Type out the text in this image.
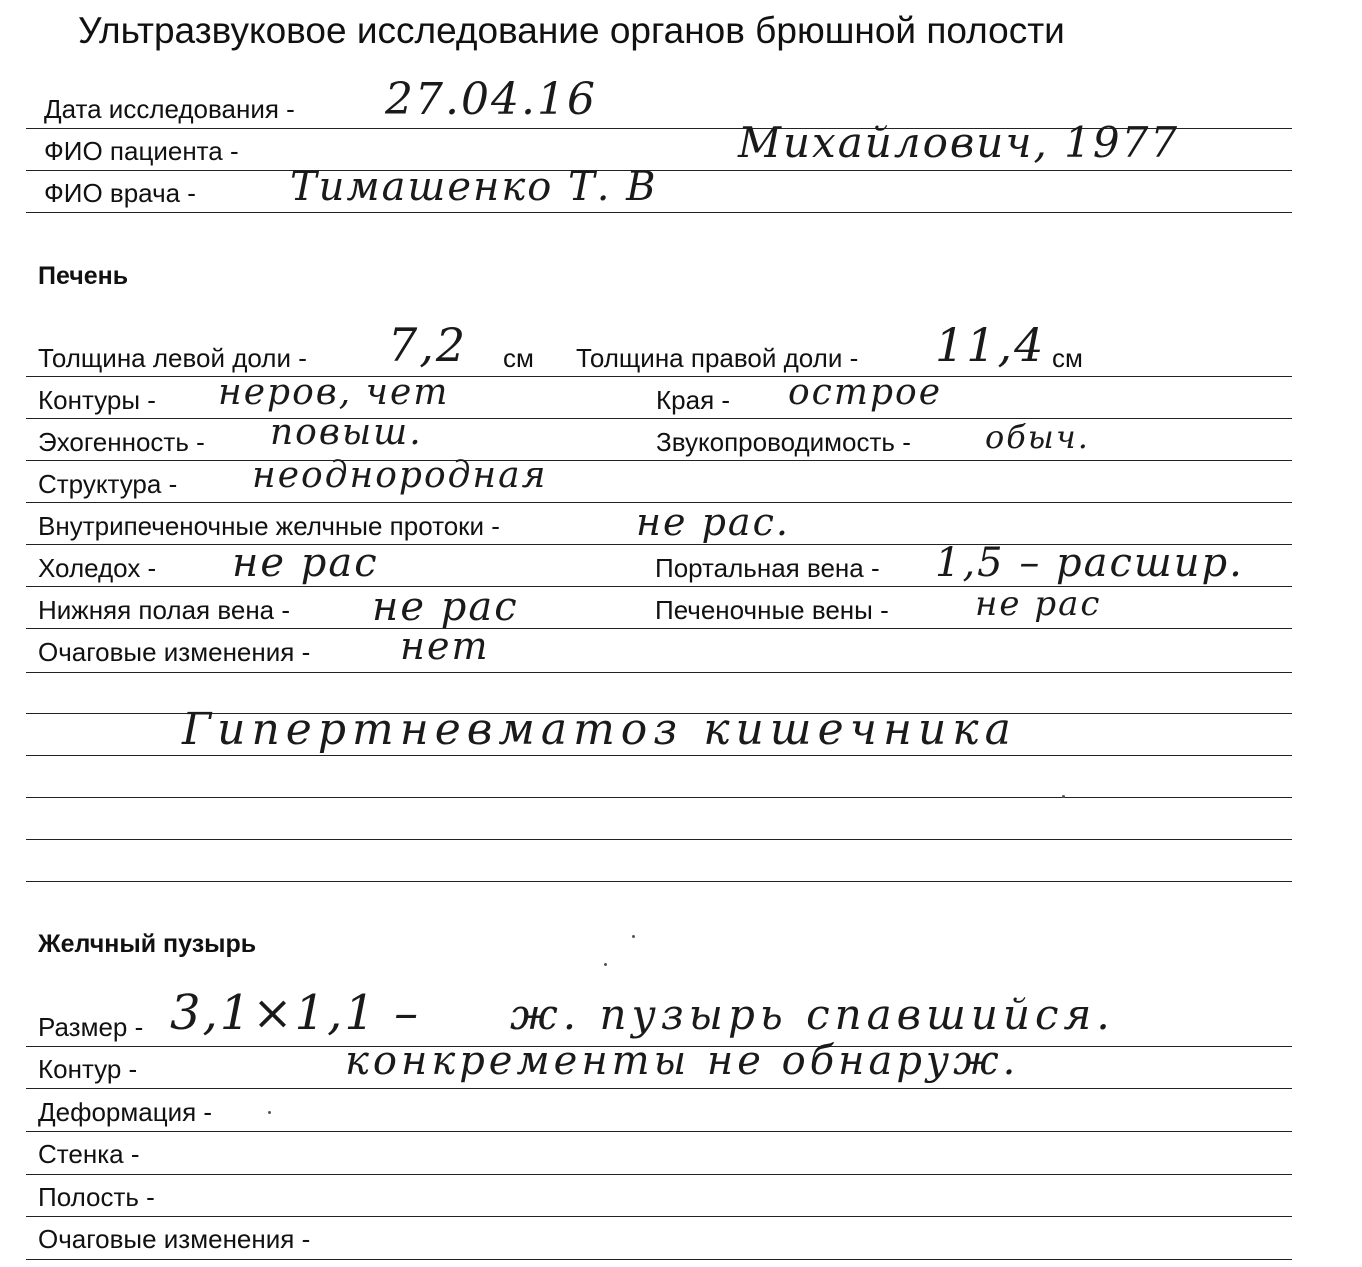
Ультразвуковое исследование органов брюшной полости
Дата исследования - 27.04.16
ФИО пациента -	Михайлович, 1977
ФИО врача - Тимашенко Т. В
Печень
Толщина левой доли - 7,2 см Толщина правой доли - 11,4 см
Контуры - неров, чет	Края - острое
Эхогенность - повыш.	Звукопроводимость - обыч.
Структура - неоднородная
Внутрипеченочные желчные протоки -	не рас.
Холедох - не рас	Портальная вена - 1,5 – расшир.
Нижняя полая вена - не рас	Печеночные вены -	не рас
Очаговые изменения - нет
Гипертневматоз кишечника
Желчный пузырь
Размер - 3,1×1,1 – ж. пузырь спавшийся.
Контур -	конкременты не обнаруж.
Деформация -
Стенка -
Полость -
Очаговые изменения -
